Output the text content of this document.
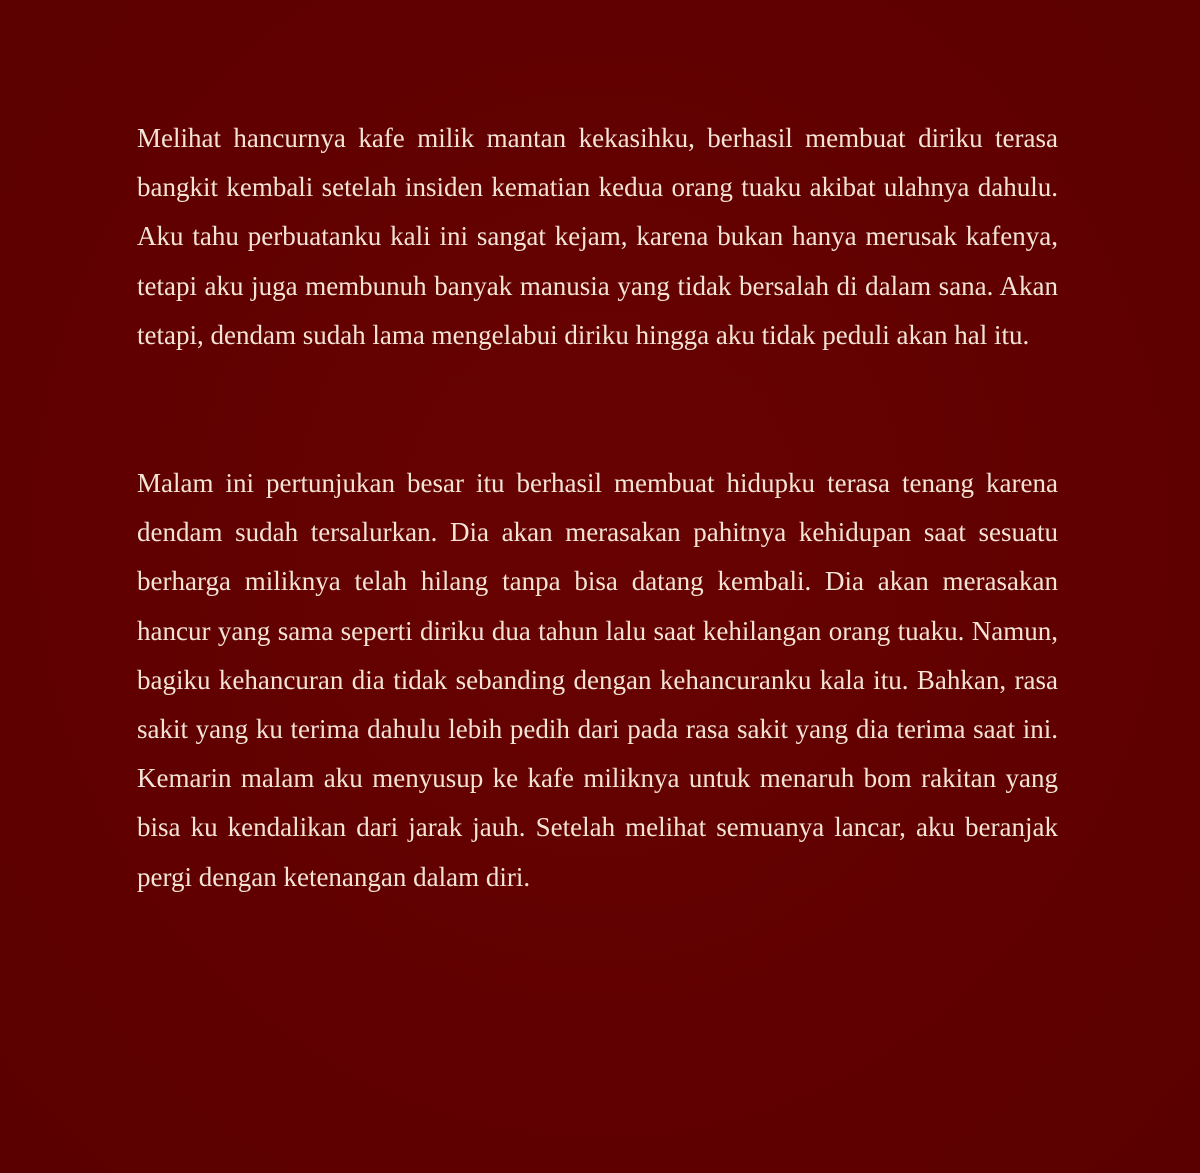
Melihat hancurnya kafe milik mantan kekasihku, berhasil membuat diriku terasa bangkit kembali setelah insiden kematian kedua orang tuaku akibat ulahnya dahulu. Aku tahu perbuatanku kali ini sangat kejam, karena bukan hanya merusak kafenya, tetapi aku juga membunuh banyak manusia yang tidak bersalah di dalam sana. Akan tetapi, dendam sudah lama mengelabui diriku hingga aku tidak peduli akan hal itu.

Malam ini pertunjukan besar itu berhasil membuat hidupku terasa tenang karena dendam sudah tersalurkan. Dia akan merasakan pahitnya kehidupan saat sesuatu berharga miliknya telah hilang tanpa bisa datang kembali. Dia akan merasakan hancur yang sama seperti diriku dua tahun lalu saat kehilangan orang tuaku. Namun, bagiku kehancuran dia tidak sebanding dengan kehancuranku kala itu. Bahkan, rasa sakit yang ku terima dahulu lebih pedih dari pada rasa sakit yang dia terima saat ini. Kemarin malam aku menyusup ke kafe miliknya untuk menaruh bom rakitan yang bisa ku kendalikan dari jarak jauh. Setelah melihat semuanya lancar, aku beranjak pergi dengan ketenangan dalam diri.
